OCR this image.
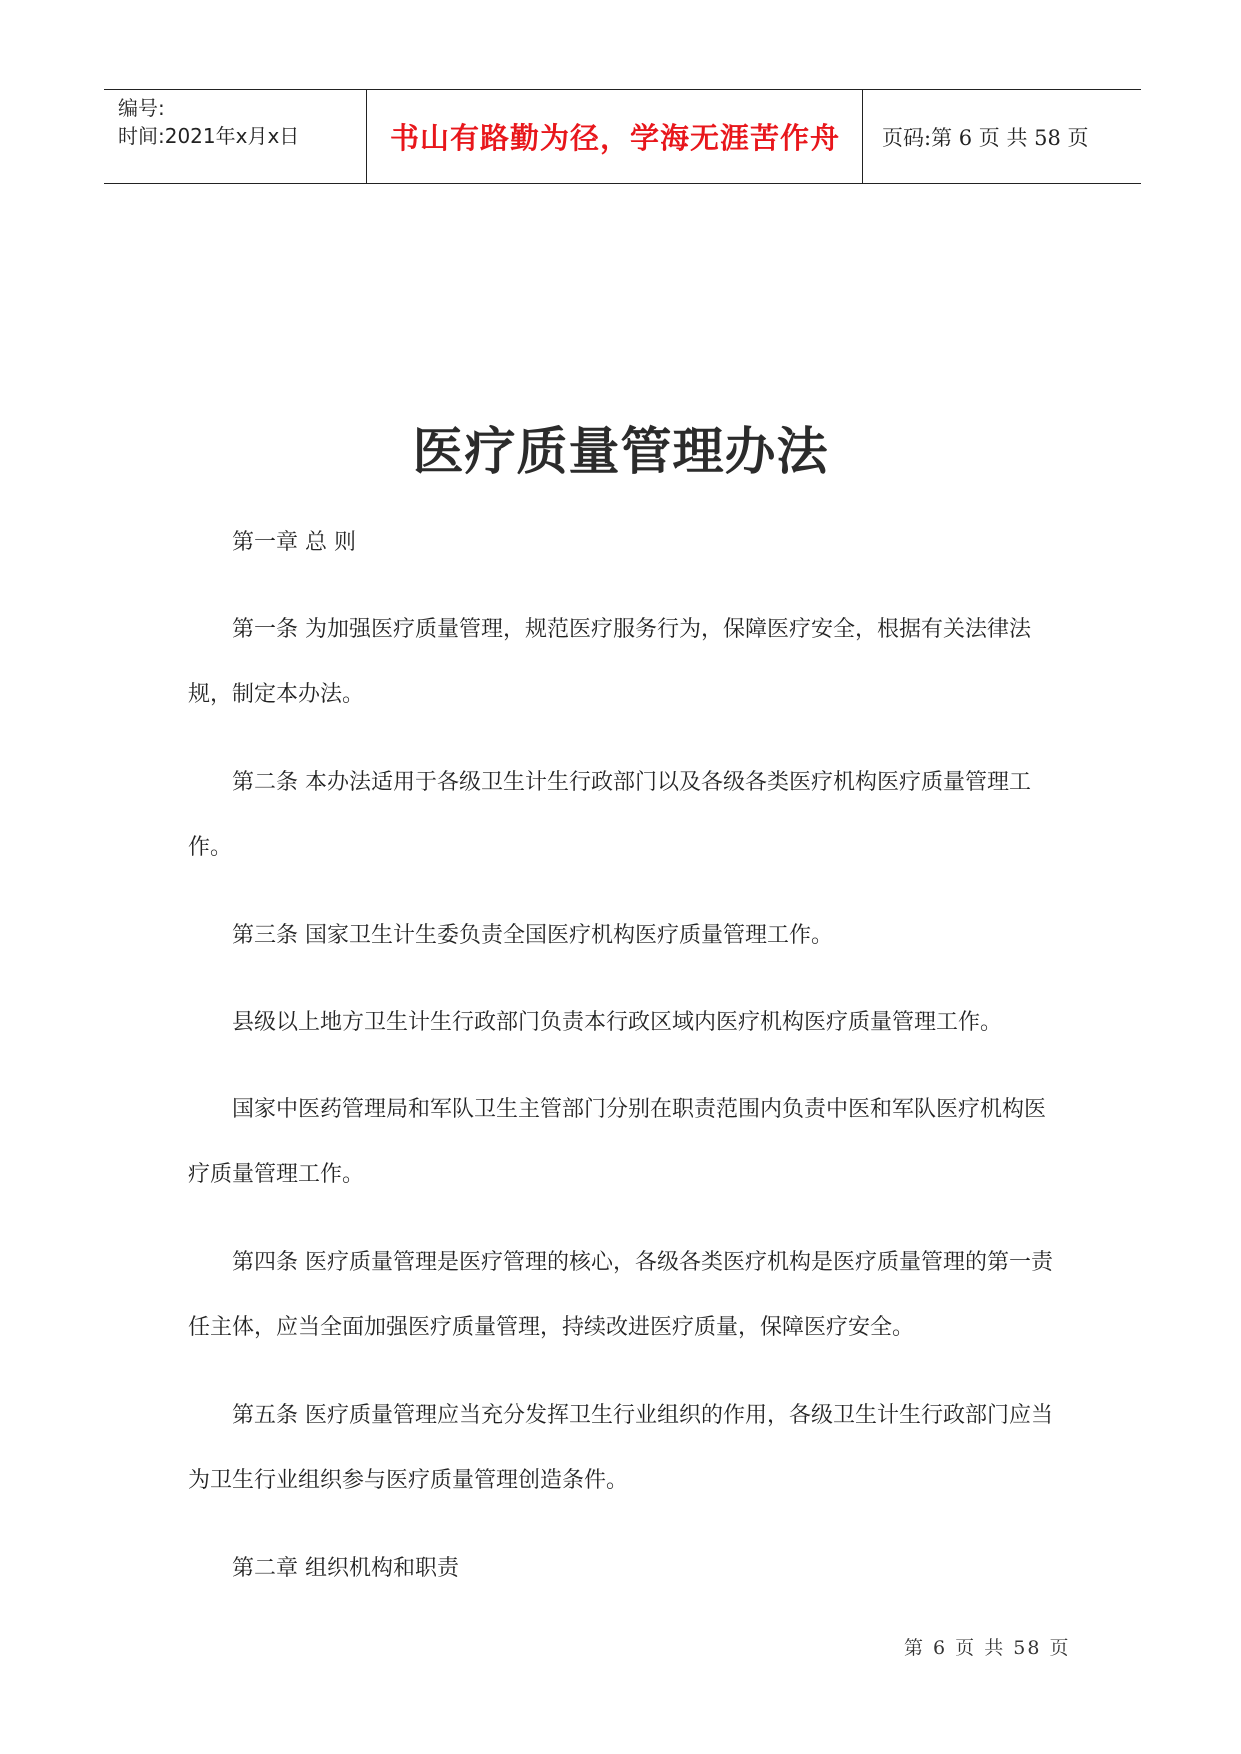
编号:
时间:2021年x月x日	书山有路勤为径，学海无涯苦作舟	页码:第 6 页 共 58 页
医疗质量管理办法

第一章 总 则

第一条 为加强医疗质量管理，规范医疗服务行为，保障医疗安全，根据有关法律法规，制定本办法。

第二条 本办法适用于各级卫生计生行政部门以及各级各类医疗机构医疗质量管理工作。

第三条 国家卫生计生委负责全国医疗机构医疗质量管理工作。

县级以上地方卫生计生行政部门负责本行政区域内医疗机构医疗质量管理工作。

国家中医药管理局和军队卫生主管部门分别在职责范围内负责中医和军队医疗机构医疗质量管理工作。

第四条 医疗质量管理是医疗管理的核心，各级各类医疗机构是医疗质量管理的第一责任主体，应当全面加强医疗质量管理，持续改进医疗质量，保障医疗安全。

第五条 医疗质量管理应当充分发挥卫生行业组织的作用，各级卫生计生行政部门应当为卫生行业组织参与医疗质量管理创造条件。

第二章 组织机构和职责

第 6 页 共 58 页
